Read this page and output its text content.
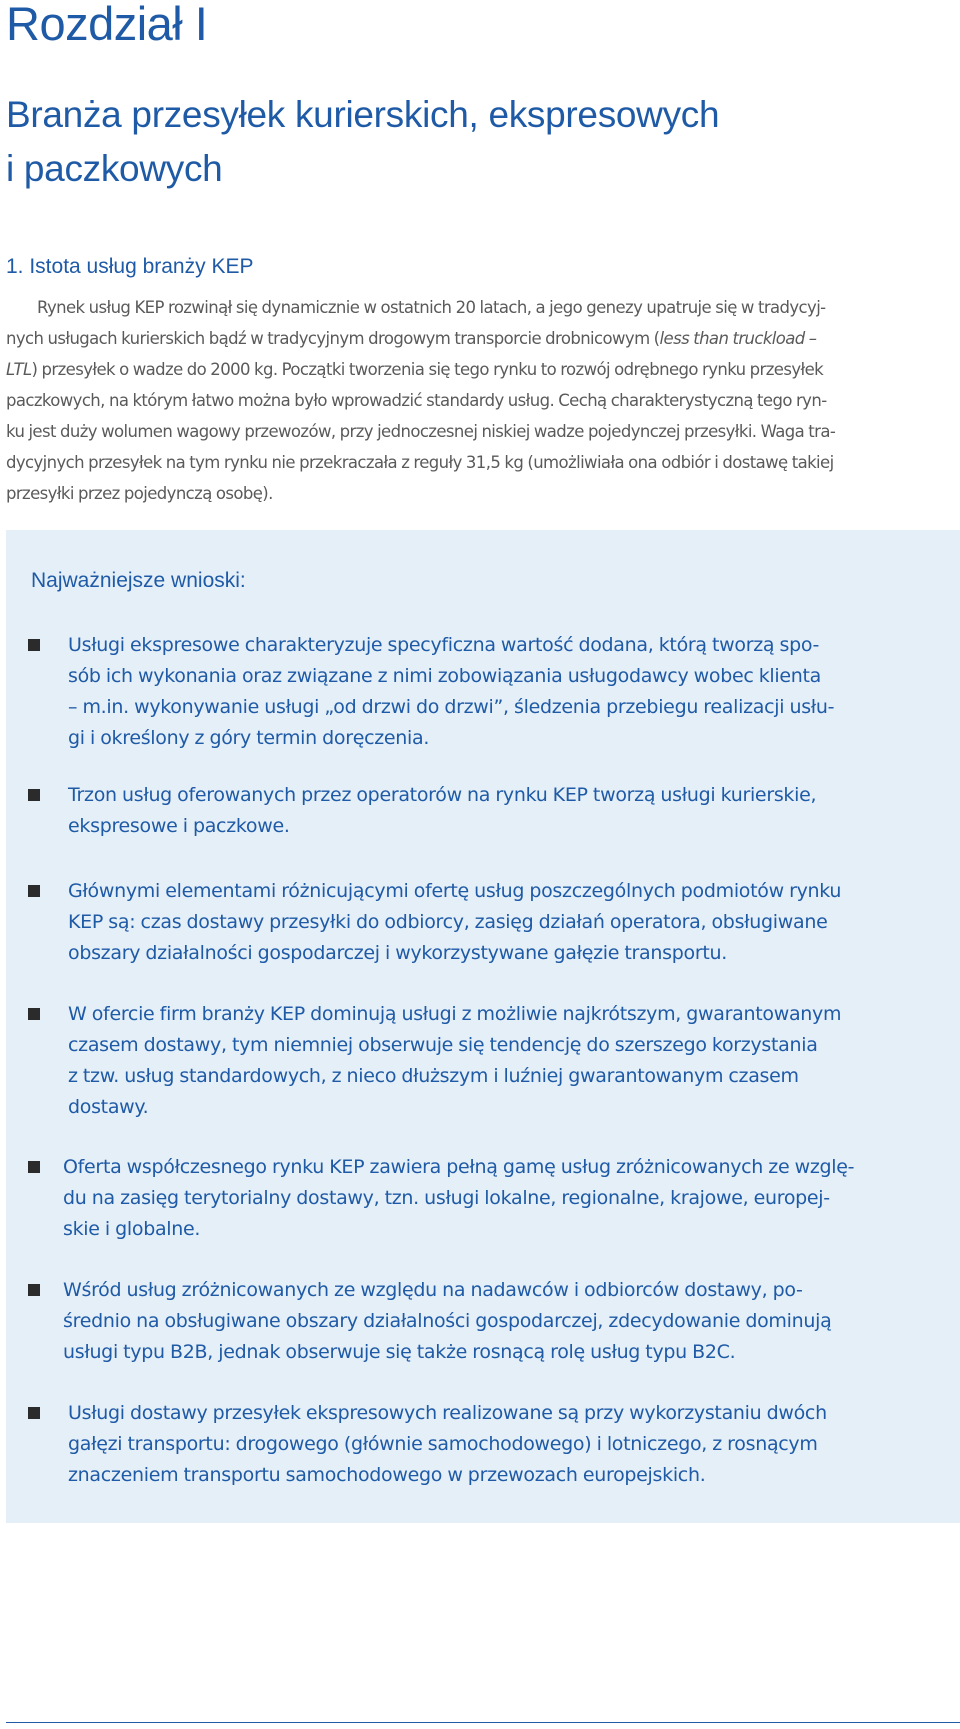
Rozdział I
Branża przesyłek kurierskich, ekspresowych
i paczkowych
1. Istota usług branży KEP

Rynek usług KEP rozwinął się dynamicznie w ostatnich 20 latach, a jego genezy upatruje się w tradycyj-
nych usługach kurierskich bądź w tradycyjnym drogowym transporcie drobnicowym (less than truckload –
LTL) przesyłek o wadze do 2000 kg. Początki tworzenia się tego rynku to rozwój odrębnego rynku przesyłek
paczkowych, na którym łatwo można było wprowadzić standardy usług. Cechą charakterystyczną tego ryn-
ku jest duży wolumen wagowy przewozów, przy jednoczesnej niskiej wadze pojedynczej przesyłki. Waga tra-
dycyjnych przesyłek na tym rynku nie przekraczała z reguły 31,5 kg (umożliwiała ona odbiór i dostawę takiej
przesyłki przez pojedynczą osobę).

Najważniejsze wnioski:
Usługi ekspresowe charakteryzuje specyficzna wartość dodana, którą tworzą spo-
sób ich wykonania oraz związane z nimi zobowiązania usługodawcy wobec klienta
– m.in. wykonywanie usługi „od drzwi do drzwi”, śledzenia przebiegu realizacji usłu-
gi i określony z góry termin doręczenia.
Trzon usług oferowanych przez operatorów na rynku KEP tworzą usługi kurierskie,
ekspresowe i paczkowe.
Głównymi elementami różnicującymi ofertę usług poszczególnych podmiotów rynku
KEP są: czas dostawy przesyłki do odbiorcy, zasięg działań operatora, obsługiwane
obszary działalności gospodarczej i wykorzystywane gałęzie transportu.
W ofercie firm branży KEP dominują usługi z możliwie najkrótszym, gwarantowanym
czasem dostawy, tym niemniej obserwuje się tendencję do szerszego korzystania
z tzw. usług standardowych, z nieco dłuższym i luźniej gwarantowanym czasem
dostawy.
Oferta współczesnego rynku KEP zawiera pełną gamę usług zróżnicowanych ze wzglę-
du na zasięg terytorialny dostawy, tzn. usługi lokalne, regionalne, krajowe, europej-
skie i globalne.
Wśród usług zróżnicowanych ze względu na nadawców i odbiorców dostawy, po-
średnio na obsługiwane obszary działalności gospodarczej, zdecydowanie dominują
usługi typu B2B, jednak obserwuje się także rosnącą rolę usług typu B2C.
Usługi dostawy przesyłek ekspresowych realizowane są przy wykorzystaniu dwóch
gałęzi transportu: drogowego (głównie samochodowego) i lotniczego, z rosnącym
znaczeniem transportu samochodowego w przewozach europejskich.
